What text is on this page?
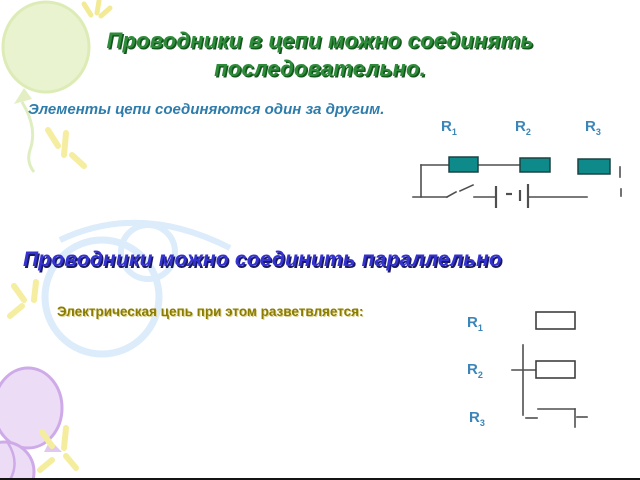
Проводники в цепи можно соединять
последовательно.
Элементы цепи соединяются один за другим.
$R_1$	$R_2$	$R_3$
Проводники можно соединить параллельно
Электрическая цепь при этом разветвляется:
$R_1$
$R_2$
$R_3$
